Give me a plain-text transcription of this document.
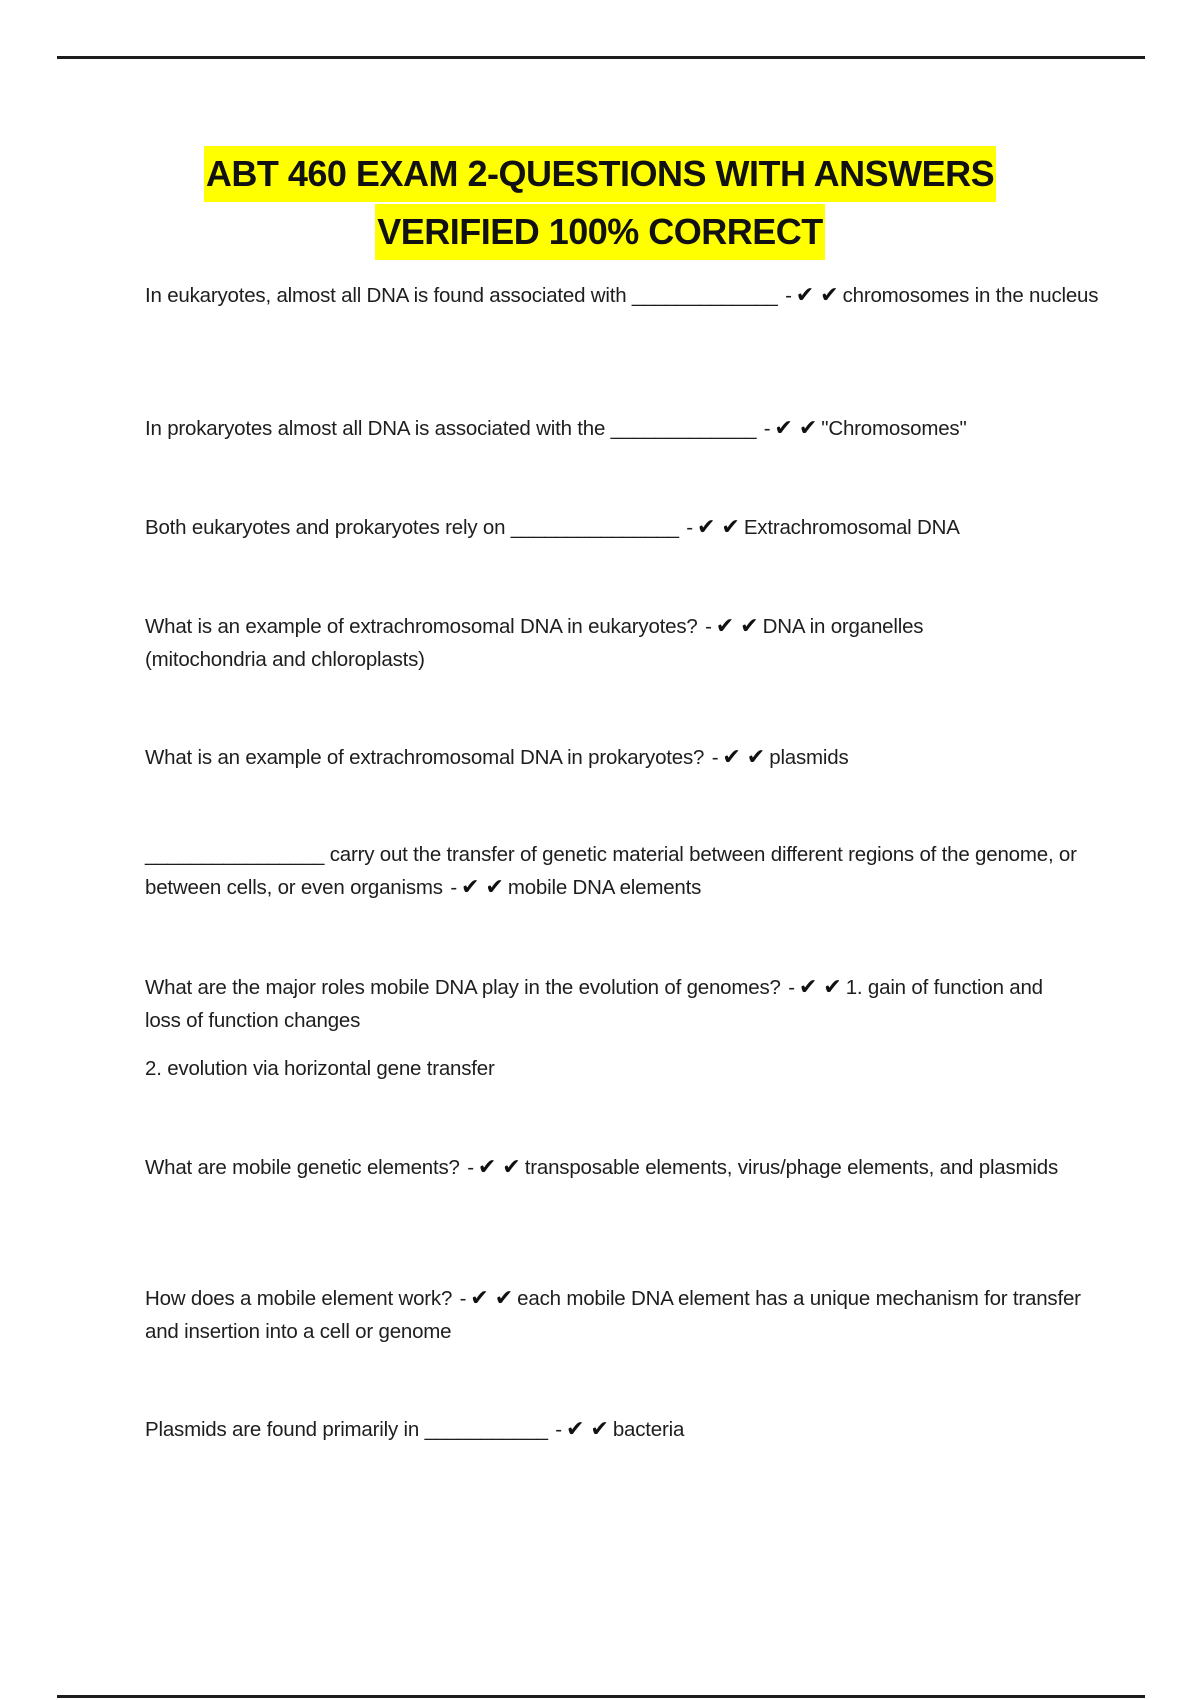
ABT 460 EXAM 2-QUESTIONS WITH ANSWERS
VERIFIED 100% CORRECT
In eukaryotes, almost all DNA is found associated with _____________ - ✔✔chromosomes in the nucleus
In prokaryotes almost all DNA is associated with the _____________ - ✔✔"Chromosomes"
Both eukaryotes and prokaryotes rely on _______________ - ✔✔Extrachromosomal DNA
What is an example of extrachromosomal DNA in eukaryotes? - ✔✔DNA in organelles (mitochondria and chloroplasts)
What is an example of extrachromosomal DNA in prokaryotes? - ✔✔plasmids
________________ carry out the transfer of genetic material between different regions of the genome, or between cells, or even organisms - ✔✔mobile DNA elements
What are the major roles mobile DNA play in the evolution of genomes? - ✔✔1. gain of function and loss of function changes
2. evolution via horizontal gene transfer
What are mobile genetic elements? - ✔✔transposable elements, virus/phage elements, and plasmids
How does a mobile element work? - ✔✔each mobile DNA element has a unique mechanism for transfer and insertion into a cell or genome
Plasmids are found primarily in ___________ - ✔✔bacteria
